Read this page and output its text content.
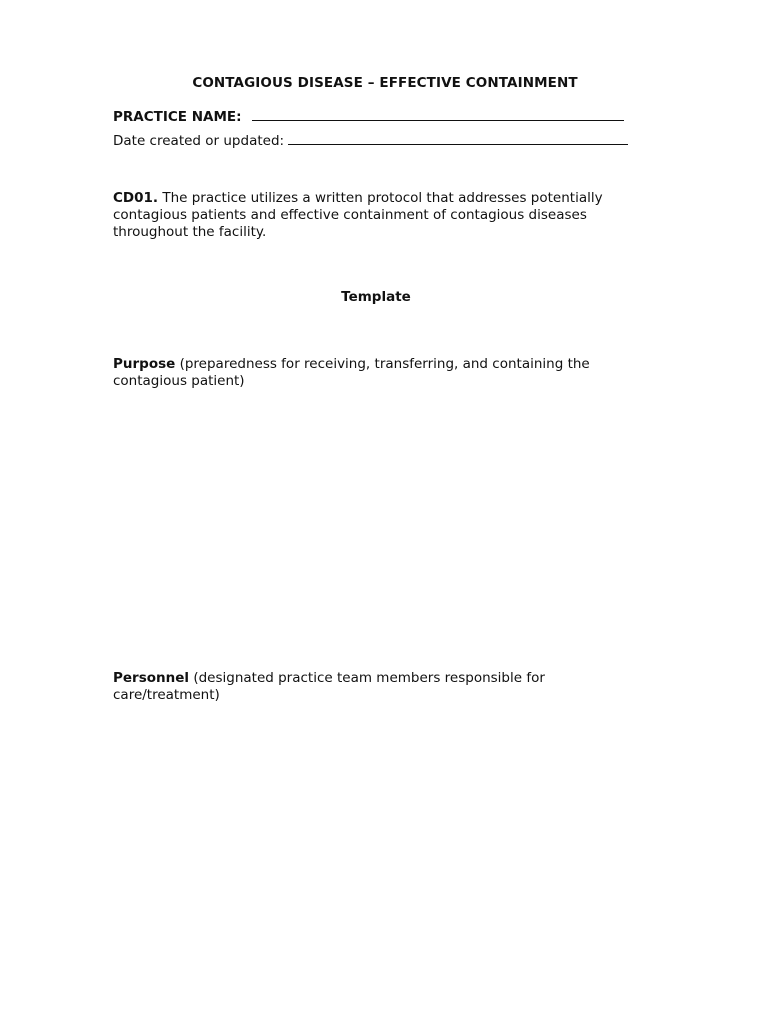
CONTAGIOUS DISEASE – EFFECTIVE CONTAINMENT
PRACTICE NAME:
Date created or updated:
CD01. The practice utilizes a written protocol that addresses potentially contagious patients and effective containment of contagious diseases throughout the facility.
Template
Purpose (preparedness for receiving, transferring, and containing the contagious patient)
Personnel (designated practice team members responsible for care/treatment)
